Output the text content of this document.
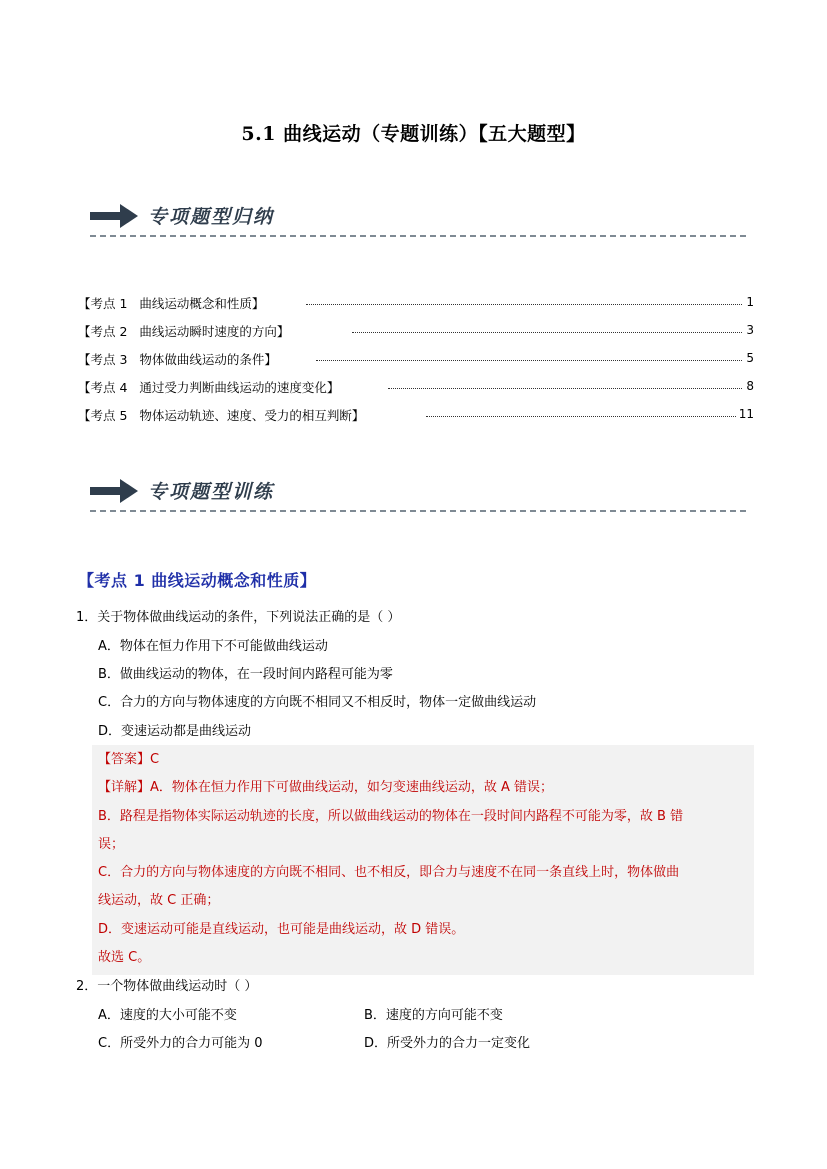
5.1 曲线运动（专题训练）【五大题型】
专项题型归纳
【考点 1 曲线运动概念和性质】	1
【考点 2 曲线运动瞬时速度的方向】	3
【考点 3 物体做曲线运动的条件】	5
【考点 4 通过受力判断曲线运动的速度变化】	8
【考点 5 物体运动轨迹、速度、受力的相互判断】	11
专项题型训练
【考点 1 曲线运动概念和性质】
1．关于物体做曲线运动的条件，下列说法正确的是（ ）
A．物体在恒力作用下不可能做曲线运动
B．做曲线运动的物体，在一段时间内路程可能为零
C．合力的方向与物体速度的方向既不相同又不相反时，物体一定做曲线运动
D．变速运动都是曲线运动
【答案】C
【详解】A．物体在恒力作用下可做曲线运动，如匀变速曲线运动，故 A 错误；
B．路程是指物体实际运动轨迹的长度，所以做曲线运动的物体在一段时间内路程不可能为零，故 B 错
误；
C．合力的方向与物体速度的方向既不相同、也不相反，即合力与速度不在同一条直线上时，物体做曲
线运动，故 C 正确；
D．变速运动可能是直线运动，也可能是曲线运动，故 D 错误。
故选 C。
2．一个物体做曲线运动时（ ）
A．速度的大小可能不变	B．速度的方向可能不变
C．所受外力的合力可能为 0	D．所受外力的合力一定变化
